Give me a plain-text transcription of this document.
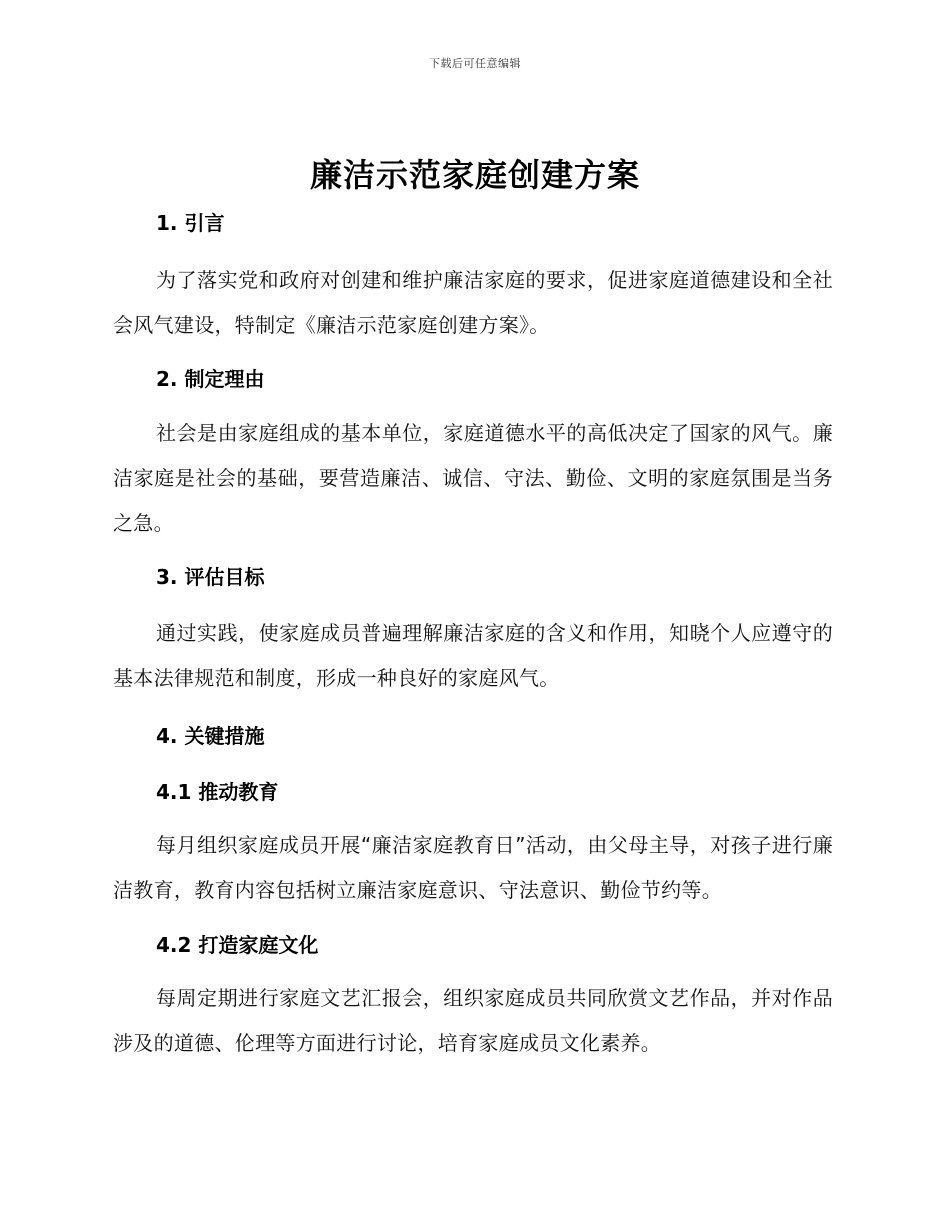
下载后可任意编辑
廉洁示范家庭创建方案
1. 引言

为了落实党和政府对创建和维护廉洁家庭的要求，促进家庭道德建设和全社会风气建设，特制定《廉洁示范家庭创建方案》。

2. 制定理由

社会是由家庭组成的基本单位，家庭道德水平的高低决定了国家的风气。廉洁家庭是社会的基础，要营造廉洁、诚信、守法、勤俭、文明的家庭氛围是当务之急。

3. 评估目标

通过实践，使家庭成员普遍理解廉洁家庭的含义和作用，知晓个人应遵守的基本法律规范和制度，形成一种良好的家庭风气。

4. 关键措施
4.1 推动教育

每月组织家庭成员开展“廉洁家庭教育日”活动，由父母主导，对孩子进行廉洁教育，教育内容包括树立廉洁家庭意识、守法意识、勤俭节约等。

4.2 打造家庭文化

每周定期进行家庭文艺汇报会，组织家庭成员共同欣赏文艺作品，并对作品涉及的道德、伦理等方面进行讨论，培育家庭成员文化素养。
